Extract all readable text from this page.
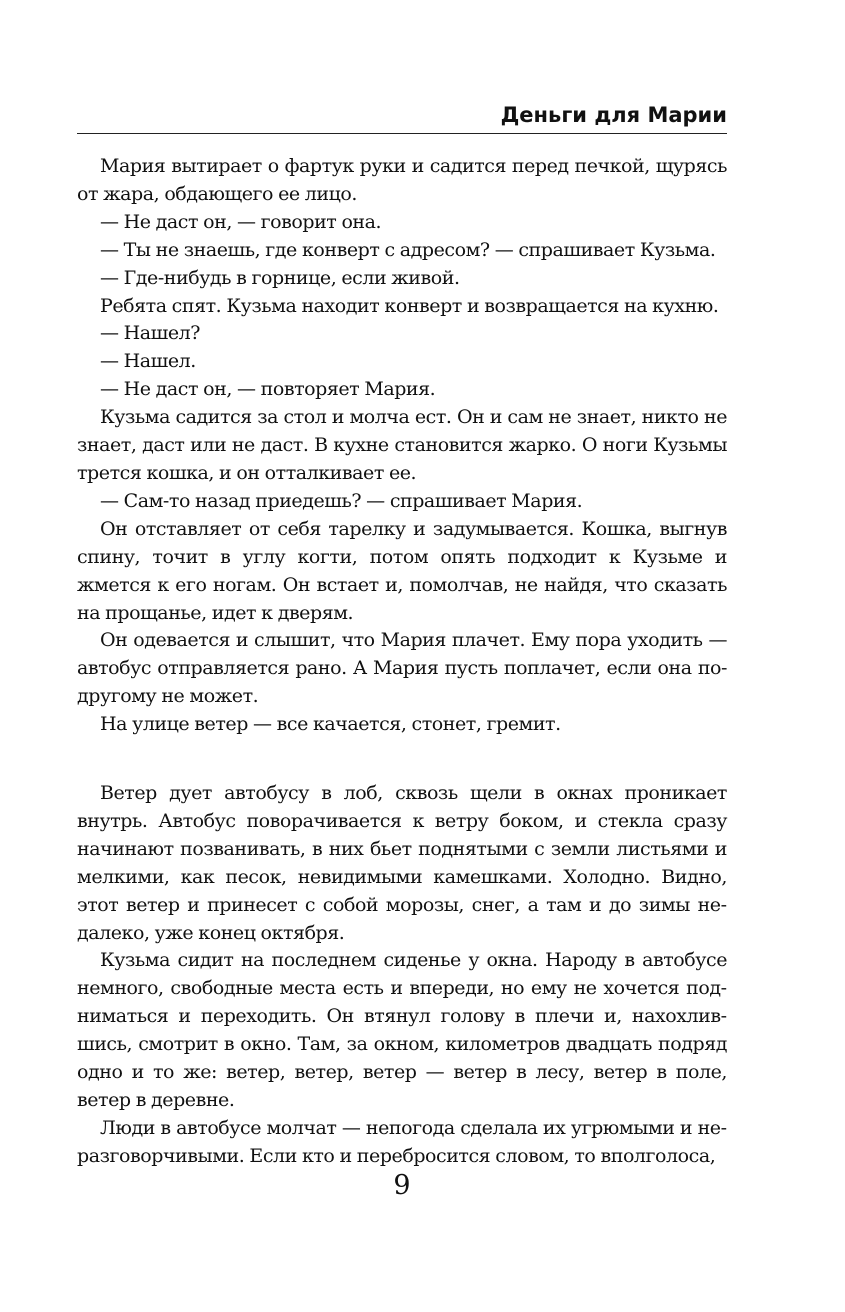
Деньги для Марии

Мария вытирает о фартук руки и садится перед печкой, щурясь от жара, обдающего ее лицо.

— Не даст он, — говорит она.

— Ты не знаешь, где конверт с адресом? — спрашивает Кузьма.

— Где-нибудь в горнице, если живой.

Ребята спят. Кузьма находит конверт и возвращается на кухню.

— Нашел?

— Нашел.

— Не даст он, — повторяет Мария.

Кузьма садится за стол и молча ест. Он и сам не знает, никто не знает, даст или не даст. В кухне становится жарко. О ноги Кузьмы трется кошка, и он отталкивает ее.

— Сам-то назад приедешь? — спрашивает Мария.

Он отставляет от себя тарелку и задумывается. Кошка, выгнув спину, точит в углу когти, потом опять подходит к Кузьме и жмется к его ногам. Он встает и, помолчав, не найдя, что сказать на прощанье, идет к дверям.

Он одевается и слышит, что Мария плачет. Ему пора уходить — автобус отправляется рано. А Мария пусть поплачет, если она по-другому не может.

На улице ветер — все качается, стонет, гремит.

Ветер дует автобусу в лоб, сквозь щели в окнах проникает внутрь. Автобус поворачивается к ветру боком, и стекла сразу начинают позванивать, в них бьет поднятыми с земли листьями и мелкими, как песок, невидимыми камешками. Холодно. Видно, этот ветер и принесет с собой морозы, снег, а там и до зимы недалеко, уже конец октября.

Кузьма сидит на последнем сиденье у окна. Народу в автобусе немного, свободные места есть и впереди, но ему не хочется подниматься и переходить. Он втянул голову в плечи и, нахохлившись, смотрит в окно. Там, за окном, километров двадцать подряд одно и то же: ветер, ветер, ветер — ветер в лесу, ветер в поле, ветер в деревне.

Люди в автобусе молчат — непогода сделала их угрюмыми и неразговорчивыми. Если кто и перебросится словом, то вполголоса,

9
